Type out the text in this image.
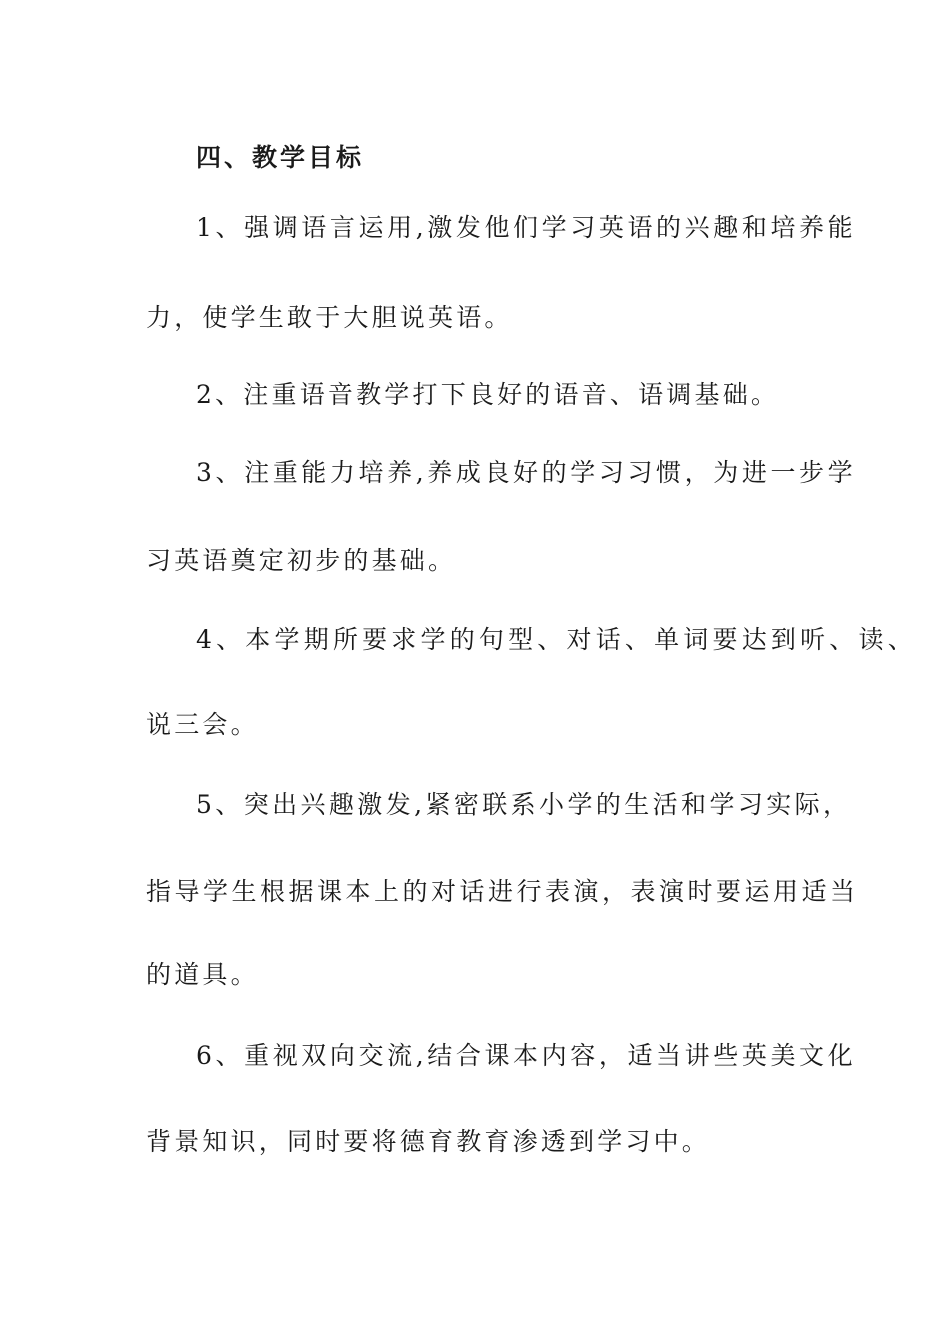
四、教学目标
1、强调语言运用,激发他们学习英语的兴趣和培养能
力，使学生敢于大胆说英语。
2、注重语音教学打下良好的语音、语调基础。
3、注重能力培养,养成良好的学习习惯，为进一步学
习英语奠定初步的基础。
4、本学期所要求学的句型、对话、单词要达到听、读、
说三会。
5、突出兴趣激发,紧密联系小学的生活和学习实际，
指导学生根据课本上的对话进行表演，表演时要运用适当
的道具。
6、重视双向交流,结合课本内容，适当讲些英美文化
背景知识，同时要将德育教育渗透到学习中。
